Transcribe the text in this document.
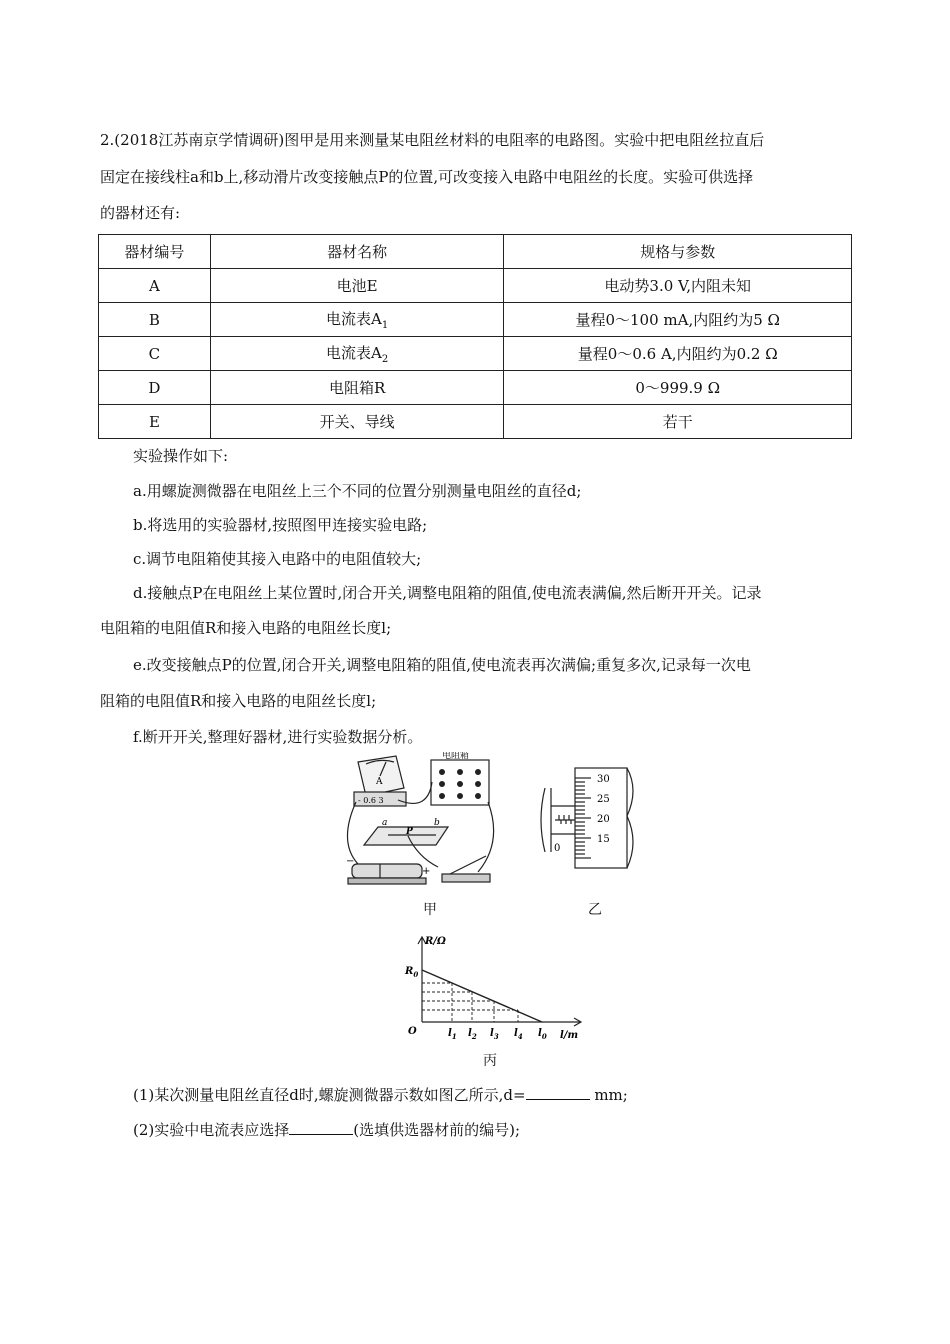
2.(2018江苏南京学情调研)图甲是用来测量某电阻丝材料的电阻率的电路图。实验中把电阻丝拉直后
固定在接线柱a和b上,移动滑片改变接触点P的位置,可改变接入电路中电阻丝的长度。实验可供选择
的器材还有:
器材编号	器材名称	规格与参数
A	电池E	电动势3.0 V,内阻未知
B	电流表$A_1$	量程0～100 mA,内阻约为5 Ω
C	电流表$A_2$	量程0～0.6 A,内阻约为0.2 Ω
D	电阻箱R	0～999.9 Ω
E	开关、导线	若干
实验操作如下:
a.用螺旋测微器在电阻丝上三个不同的位置分别测量电阻丝的直径d;
b.将选用的实验器材,按照图甲连接实验电路;
c.调节电阻箱使其接入电路中的电阻值较大;
d.接触点P在电阻丝上某位置时,闭合开关,调整电阻箱的阻值,使电流表满偏,然后断开开关。记录
电阻箱的电阻值R和接入电路的电阻丝长度l;
e.改变接触点P的位置,闭合开关,调整电阻箱的阻值,使电流表再次满偏;重复多次,记录每一次电
阻箱的电阻值R和接入电路的电阻丝长度l;
f.断开开关,整理好器材,进行实验数据分析。
A
- 0.6 3
电阻箱
a	b
P
−
+
甲
30
25
20
15
0
乙
R/Ω
l/m
O
$R_0$
$l_1$ $l_2$ $l_3$ $l_4$ $l_0$
丙
(1)某次测量电阻丝直径d时,螺旋测微器示数如图乙所示,d=	mm;
(2)实验中电流表应选择	(选填供选器材前的编号);
